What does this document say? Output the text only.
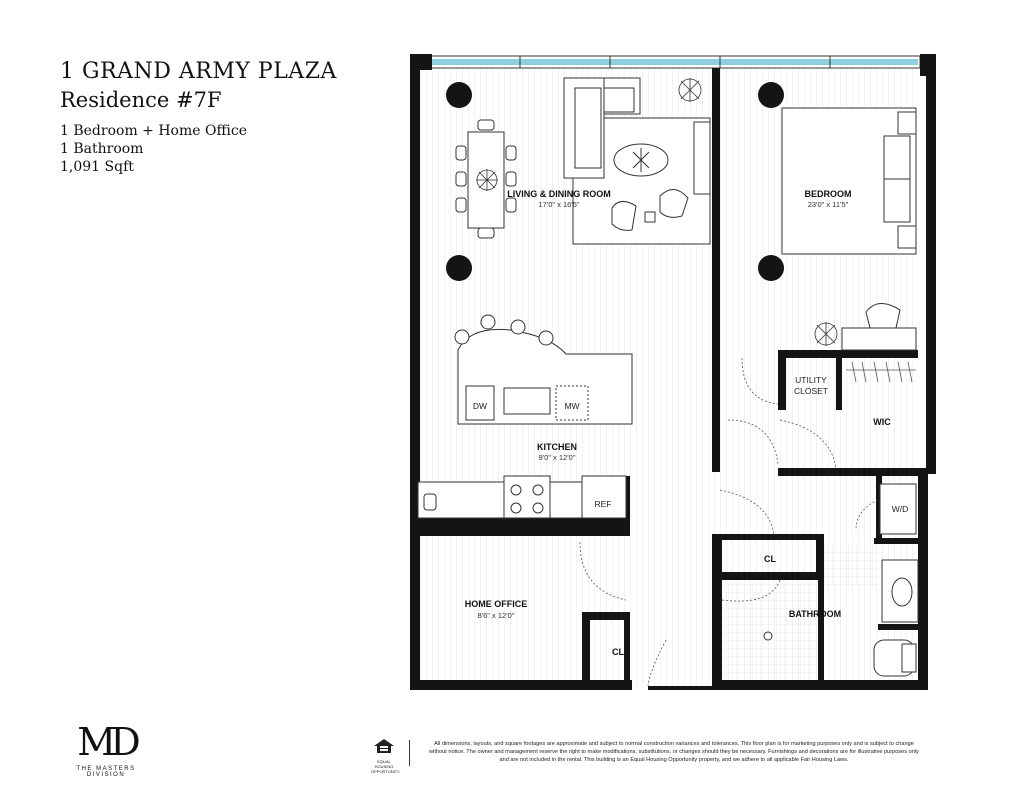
1 GRAND ARMY PLAZA
Residence #7F
1 Bedroom + Home Office
1 Bathroom
1,091 Sqft
LIVING & DINING ROOM
17'0" x 16'5"
BEDROOM
23'0" x 11'5"
KITCHEN
9'0" x 12'0"
HOME OFFICE
8'6" x 12'0"	BATHROOM
DW	MW
REF	W/D
UTILITY
CLOSET
WIC
CL
CL
MD
THE MASTERS DIVISION
EQUAL HOUSING
OPPORTUNITY
All dimensions, layouts, and square footages are approximate and subject to normal construction variances and tolerances. This floor plan is for marketing purposes only and is subject to change without notice. The owner and management reserve the right to make modifications, substitutions, or changes should they be necessary. Furnishings and decorations are for illustrative purposes only and are not included in the rental. This building is an Equal Housing Opportunity property, and we adhere to all applicable Fair Housing Laws.
